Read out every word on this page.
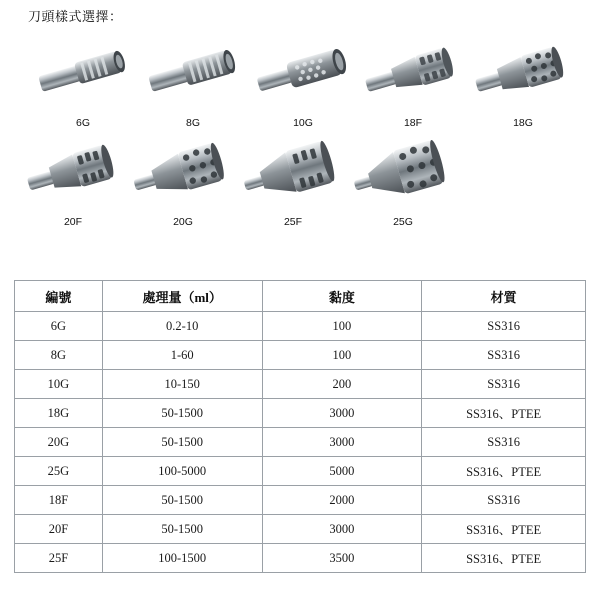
刀頭樣式選擇：
6G	8G	10G	18F	18G
20F	20G	25F	25G
編號	處理量（ml）	黏度	材質
6G	0.2-10	100	SS316
8G	1-60	100	SS316
10G	10-150	200	SS316
18G	50-1500	3000	SS316、PTEE
20G	50-1500	3000	SS316
25G	100-5000	5000	SS316、PTEE
18F	50-1500	2000	SS316
20F	50-1500	3000	SS316、PTEE
25F	100-1500	3500	SS316、PTEE
